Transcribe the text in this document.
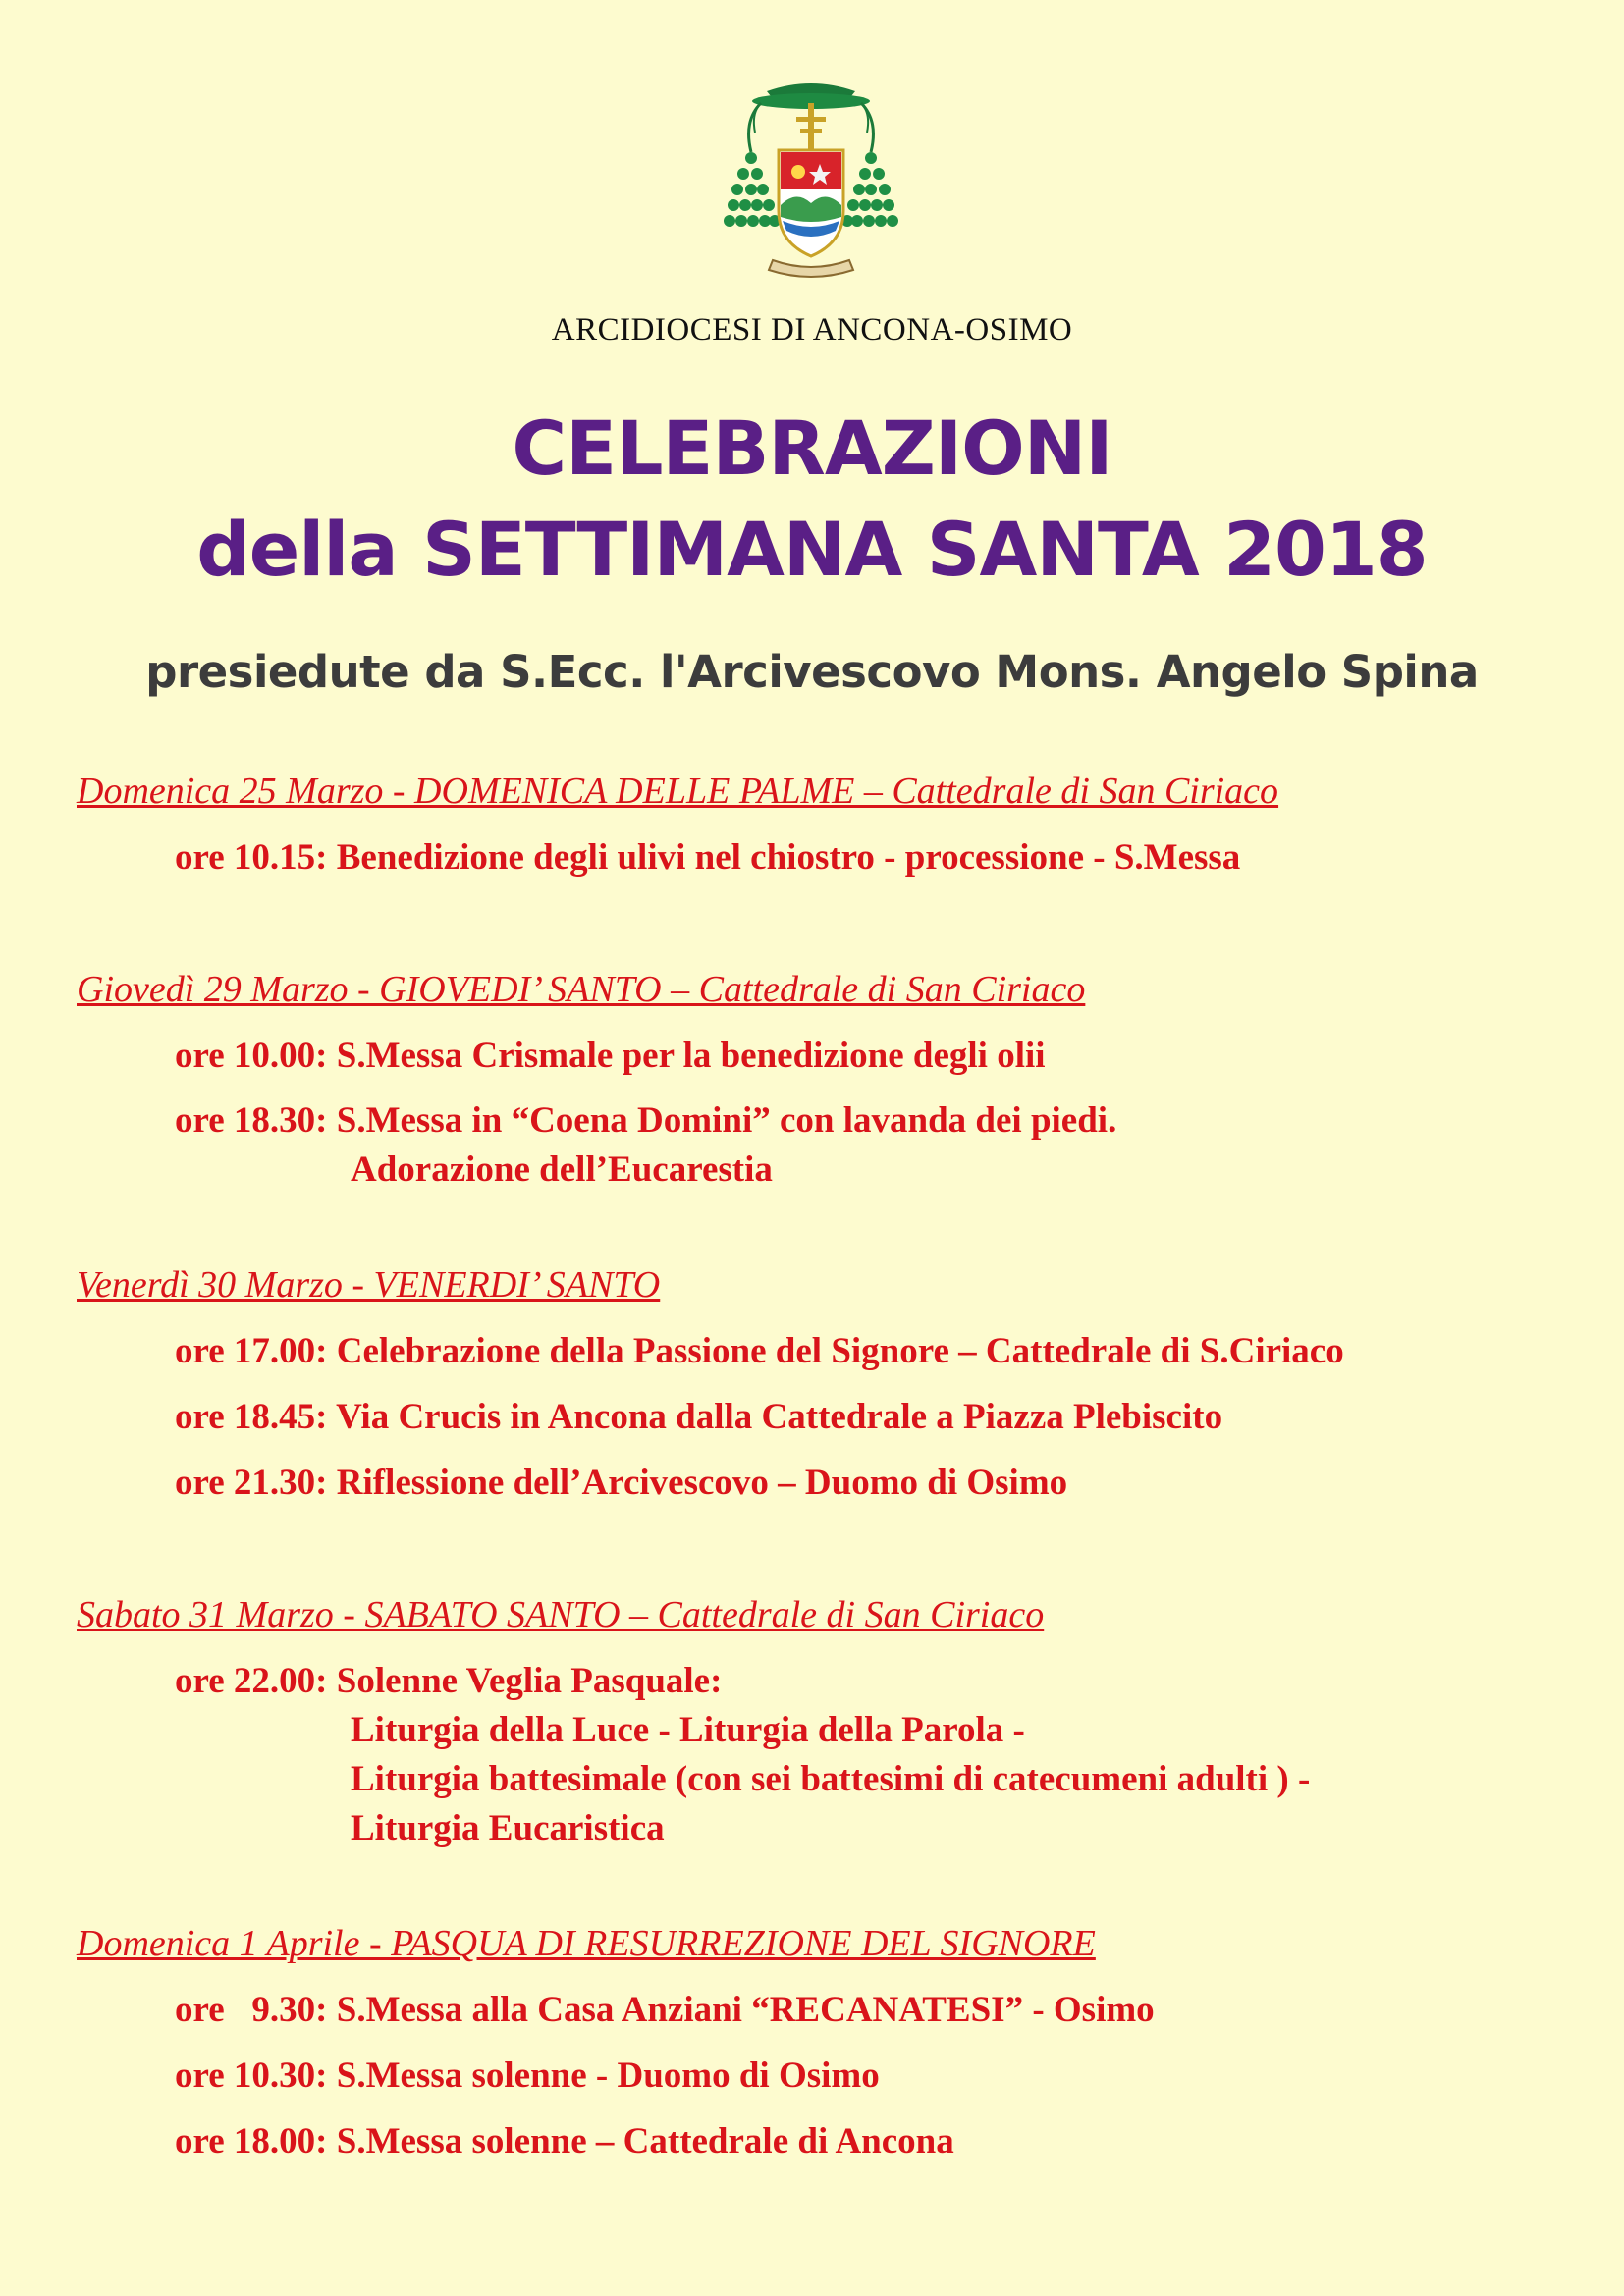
ARCIDIOCESI DI ANCONA-OSIMO
CELEBRAZIONI
della SETTIMANA SANTA 2018
presiedute da S.Ecc. l'Arcivescovo Mons. Angelo Spina
Domenica 25 Marzo - DOMENICA DELLE PALME – Cattedrale di San Ciriaco
ore 10.15: Benedizione degli ulivi nel chiostro - processione - S.Messa
Giovedì 29 Marzo - GIOVEDI’ SANTO – Cattedrale di San Ciriaco
ore 10.00: S.Messa Crismale per la benedizione degli olii
ore 18.30: S.Messa in “Coena Domini” con lavanda dei piedi.
Adorazione dell’Eucarestia
Venerdì 30 Marzo - VENERDI’ SANTO
ore 17.00: Celebrazione della Passione del Signore – Cattedrale di S.Ciriaco
ore 18.45: Via Crucis in Ancona dalla Cattedrale a Piazza Plebiscito
ore 21.30: Riflessione dell’Arcivescovo – Duomo di Osimo
Sabato 31 Marzo - SABATO SANTO – Cattedrale di San Ciriaco
ore 22.00: Solenne Veglia Pasquale:
Liturgia della Luce - Liturgia della Parola -
Liturgia battesimale (con sei battesimi di catecumeni adulti ) -
Liturgia Eucaristica
Domenica 1 Aprile - PASQUA DI RESURREZIONE DEL SIGNORE
ore   9.30: S.Messa alla Casa Anziani “RECANATESI” - Osimo
ore 10.30: S.Messa solenne - Duomo di Osimo
ore 18.00: S.Messa solenne – Cattedrale di Ancona
